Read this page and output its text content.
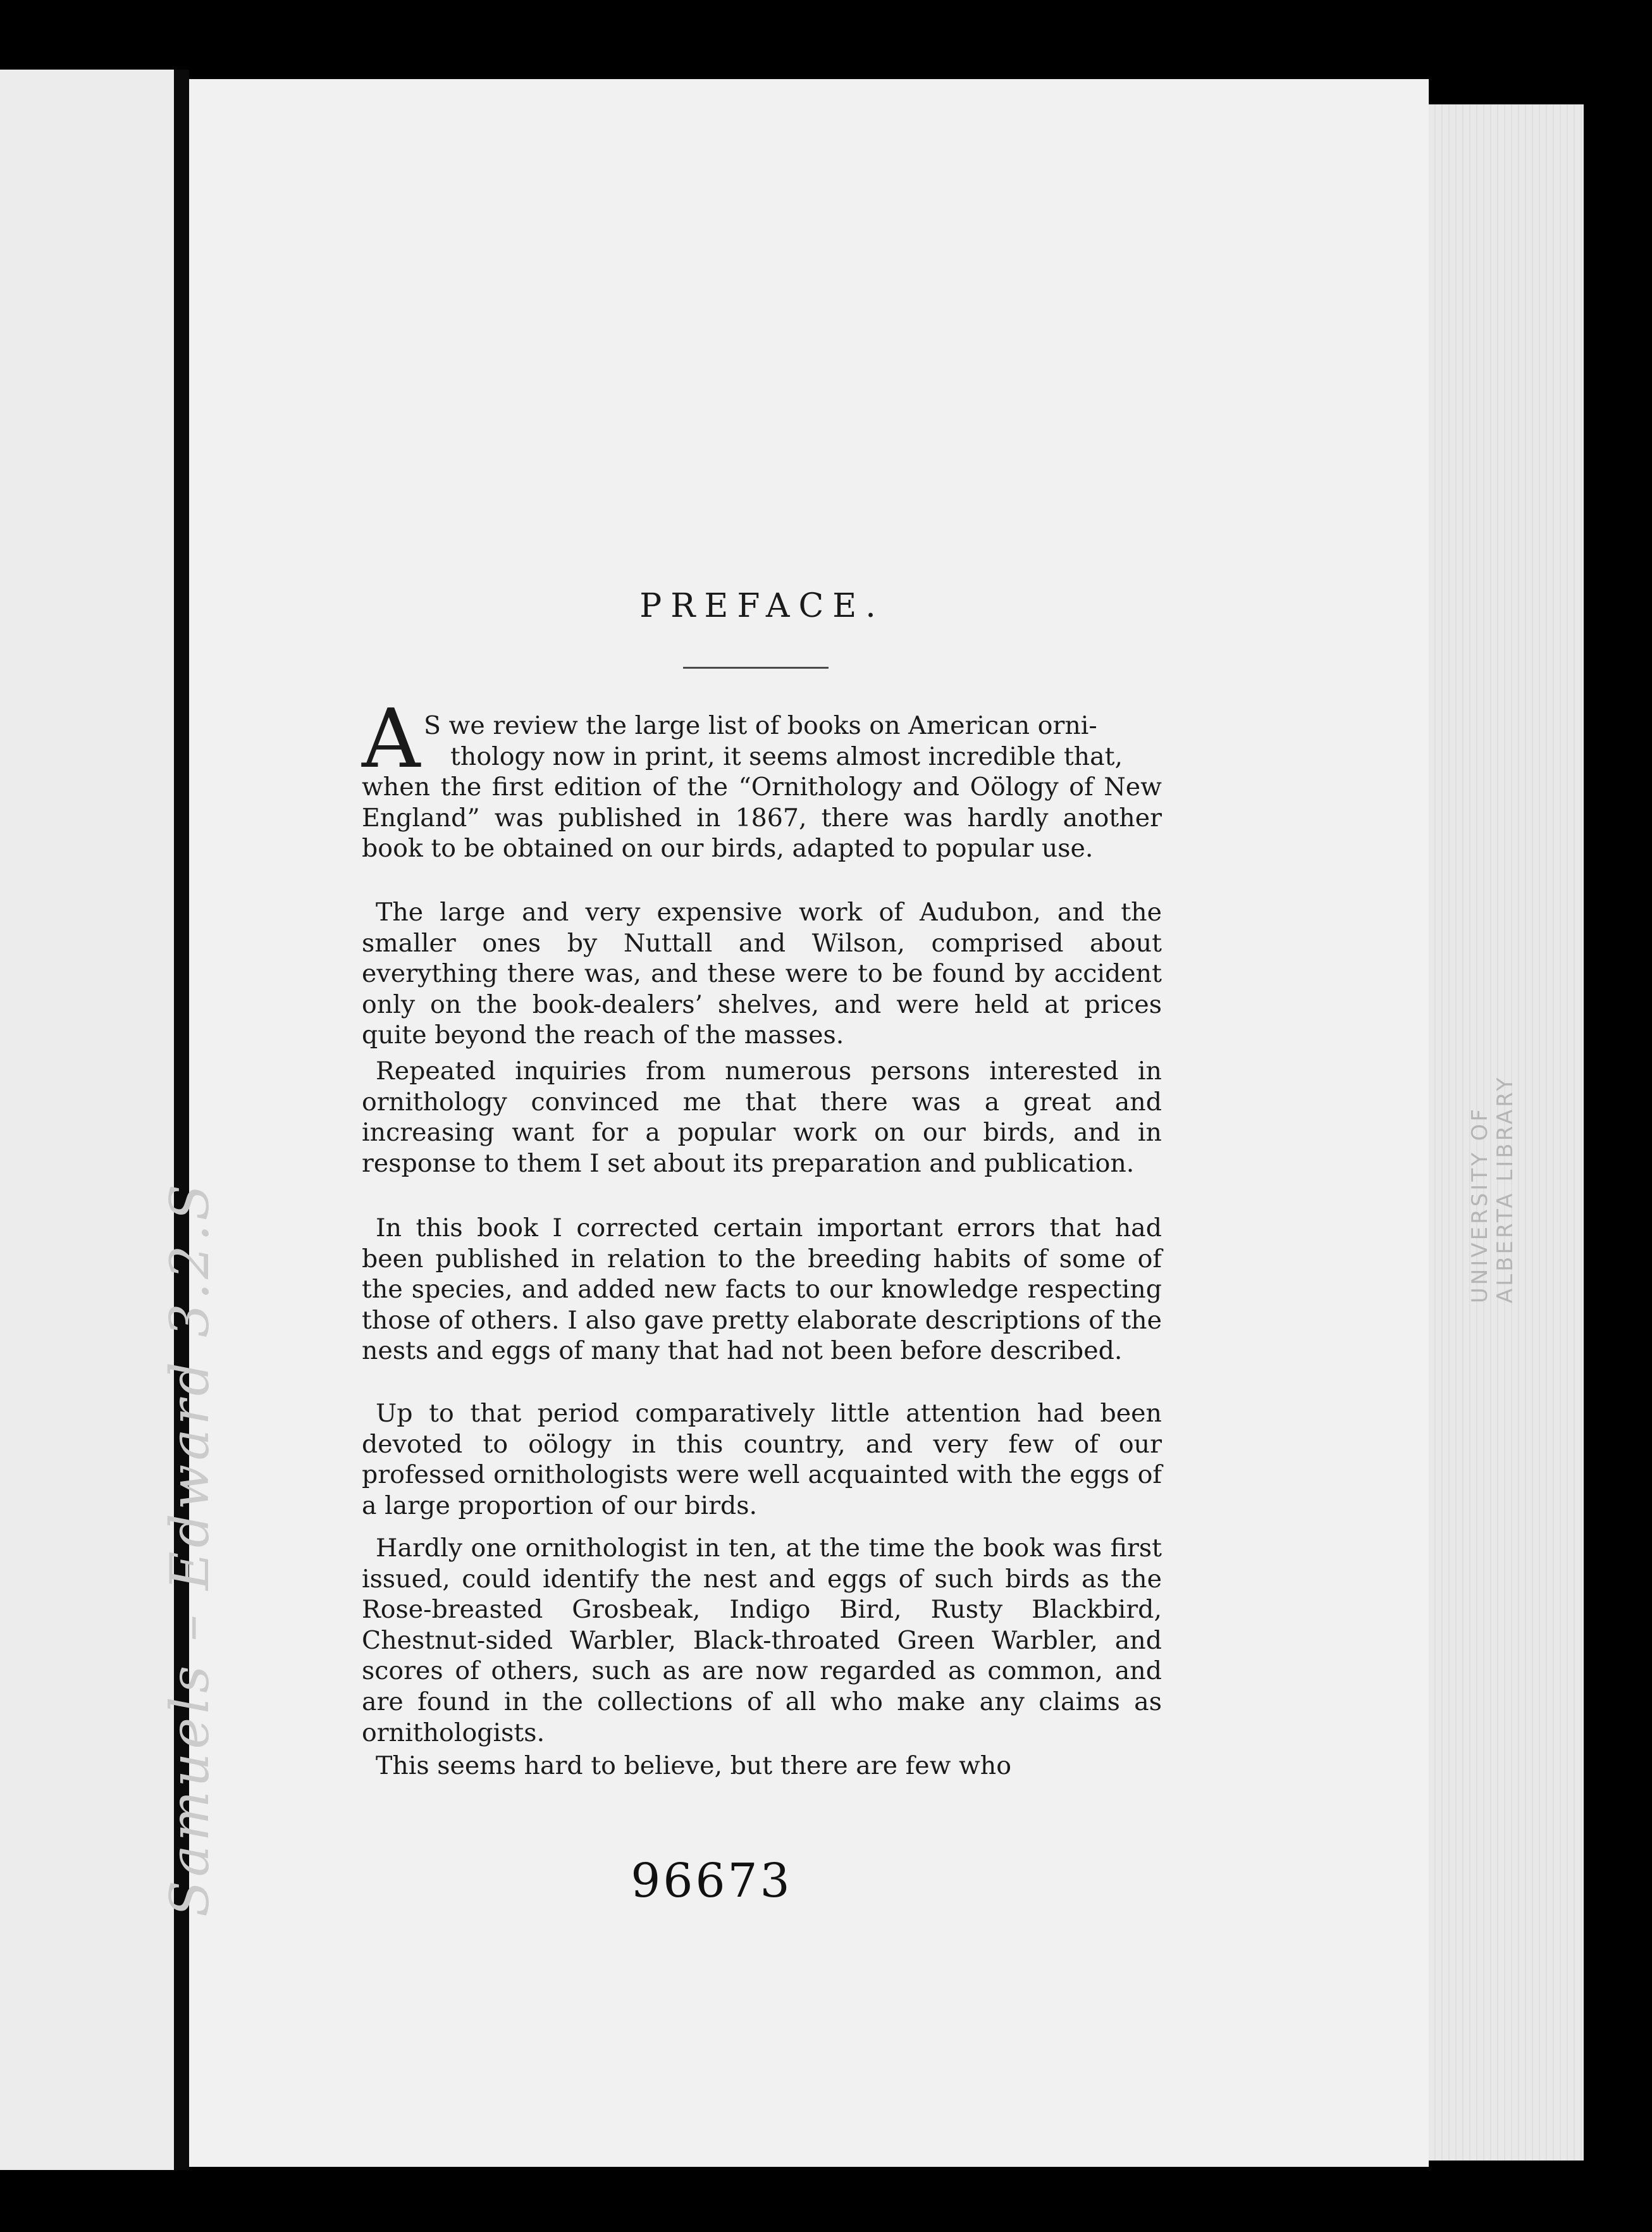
UNIVERSITY OF ALBERTA LIBRARY
Samuels – Edward 3.2.S
PREFACE.
A S we review the large list of books on American orni-
thology now in print, it seems almost incredible that,
when the first edition of the “Ornithology and Oölogy of New England” was published in 1867, there was hardly another book to be obtained on our birds, adapted to popular use.
The large and very expensive work of Audubon, and the smaller ones by Nuttall and Wilson, comprised about everything there was, and these were to be found by accident only on the book-dealers’ shelves, and were held at prices quite beyond the reach of the masses.
Repeated inquiries from numerous persons interested in ornithology convinced me that there was a great and increasing want for a popular work on our birds, and in response to them I set about its preparation and publication.
In this book I corrected certain important errors that had been published in relation to the breeding habits of some of the species, and added new facts to our knowledge respecting those of others. I also gave pretty elaborate descriptions of the nests and eggs of many that had not been before described.
Up to that period comparatively little attention had been devoted to oölogy in this country, and very few of our professed ornithologists were well acquainted with the eggs of a large proportion of our birds.
Hardly one ornithologist in ten, at the time the book was first issued, could identify the nest and eggs of such birds as the Rose-breasted Grosbeak, Indigo Bird, Rusty Blackbird, Chestnut-sided Warbler, Black-throated Green Warbler, and scores of others, such as are now regarded as common, and are found in the collections of all who make any claims as ornithologists.
This seems hard to believe, but there are few who
96673
